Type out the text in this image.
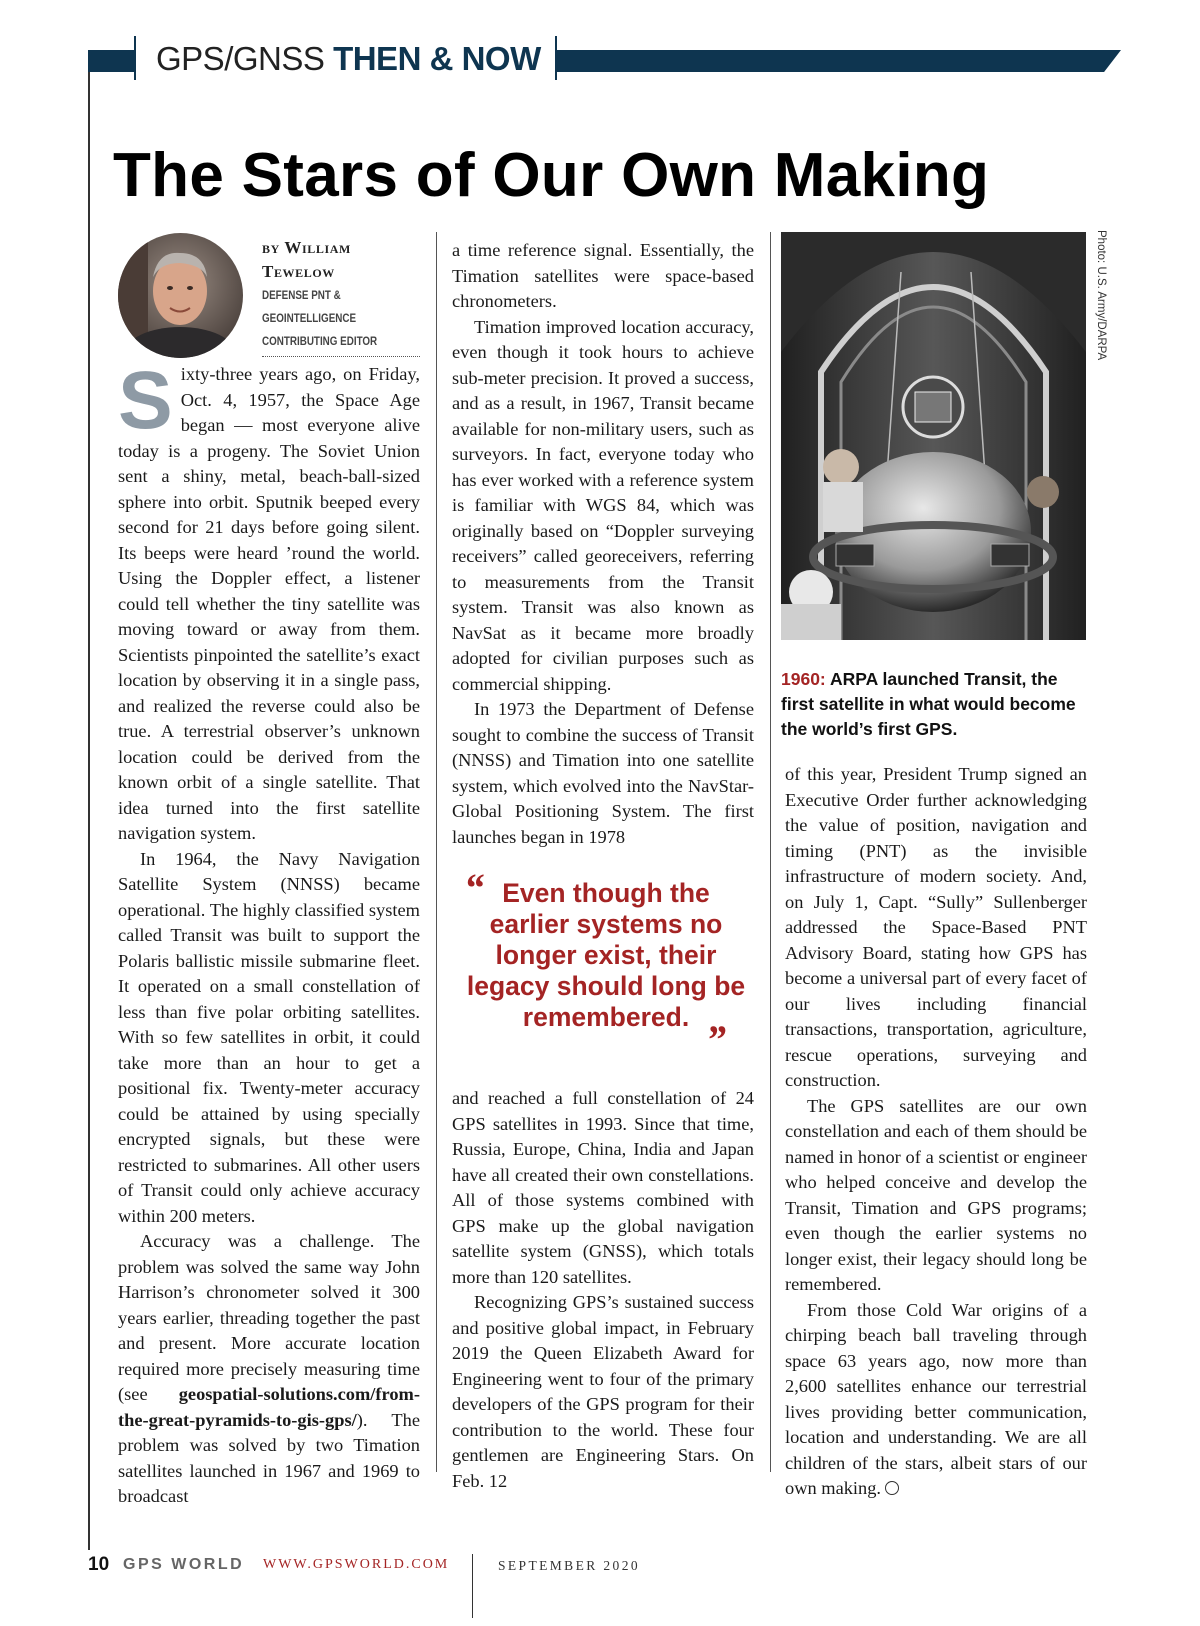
GPS/GNSS THEN & NOW
The Stars of Our Own Making
by William Tewelow
DEFENSE PNT &
GEOINTELLIGENCE
CONTRIBUTING EDITOR

Sixty-three years ago, on Friday, Oct. 4, 1957, the Space Age began — most everyone alive today is a progeny. The Soviet Union sent a shiny, metal, beach-ball-sized sphere into orbit. Sputnik beeped every second for 21 days before going silent. Its beeps were heard ’round the world. Using the Doppler effect, a listener could tell whether the tiny satellite was moving toward or away from them. Scientists pinpointed the satellite’s exact location by observing it in a single pass, and realized the reverse could also be true. A terrestrial observer’s unknown location could be derived from the known orbit of a single satellite. That idea turned into the first satellite navigation system.

In 1964, the Navy Navigation Satellite System (NNSS) became operational. The highly classified system called Transit was built to support the Polaris ballistic missile submarine fleet. It operated on a small constellation of less than five polar orbiting satellites. With so few satellites in orbit, it could take more than an hour to get a positional fix. Twenty-meter accuracy could be attained by using specially encrypted signals, but these were restricted to submarines. All other users of Transit could only achieve accuracy within 200 meters.

Accuracy was a challenge. The problem was solved the same way John Harrison’s chronometer solved it 300 years earlier, threading together the past and present. More accurate location required more precisely measuring time (see geospatial-solutions.com/from-the-great-pyramids-to-gis-gps/). The problem was solved by two Timation satellites launched in 1967 and 1969 to broadcast

a time reference signal. Essentially, the Timation satellites were space-based chronometers.

Timation improved location accuracy, even though it took hours to achieve sub-meter precision. It proved a success, and as a result, in 1967, Transit became available for non-military users, such as surveyors. In fact, everyone today who has ever worked with a reference system is familiar with WGS 84, which was originally based on “Doppler surveying receivers” called georeceivers, referring to measurements from the Transit system. Transit was also known as NavSat as it became more broadly adopted for civilian purposes such as commercial shipping.

In 1973 the Department of Defense sought to combine the success of Transit (NNSS) and Timation into one satellite system, which evolved into the NavStar-Global Positioning System. The first launches began in 1978

“ Even though the earlier systems no longer exist, their legacy should long be remembered. ”

and reached a full constellation of 24 GPS satellites in 1993. Since that time, Russia, Europe, China, India and Japan have all created their own constellations. All of those systems combined with GPS make up the global navigation satellite system (GNSS), which totals more than 120 satellites.

Recognizing GPS’s sustained success and positive global impact, in February 2019 the Queen Elizabeth Award for Engineering went to four of the primary developers of the GPS program for their contribution to the world. These four gentlemen are Engineering Stars. On Feb. 12

Photo: U.S. Army/DARPA
1960: ARPA launched Transit, the first satellite in what would become the world’s first GPS.

of this year, President Trump signed an Executive Order further acknowledging the value of position, navigation and timing (PNT) as the invisible infrastructure of modern society. And, on July 1, Capt. “Sully” Sullenberger addressed the Space-Based PNT Advisory Board, stating how GPS has become a universal part of every facet of our lives including financial transactions, transportation, agriculture, rescue operations, surveying and construction.

The GPS satellites are our own constellation and each of them should be named in honor of a scientist or engineer who helped conceive and develop the Transit, Timation and GPS programs; even though the earlier systems no longer exist, their legacy should long be remembered.

From those Cold War origins of a chirping beach ball traveling through space 63 years ago, now more than 2,600 satellites enhance our terrestrial lives providing better communication, location and understanding. We are all children of the stars, albeit stars of our own making.

10 GPS WORLD WWW.GPSWORLD.COM	SEPTEMBER 2020
